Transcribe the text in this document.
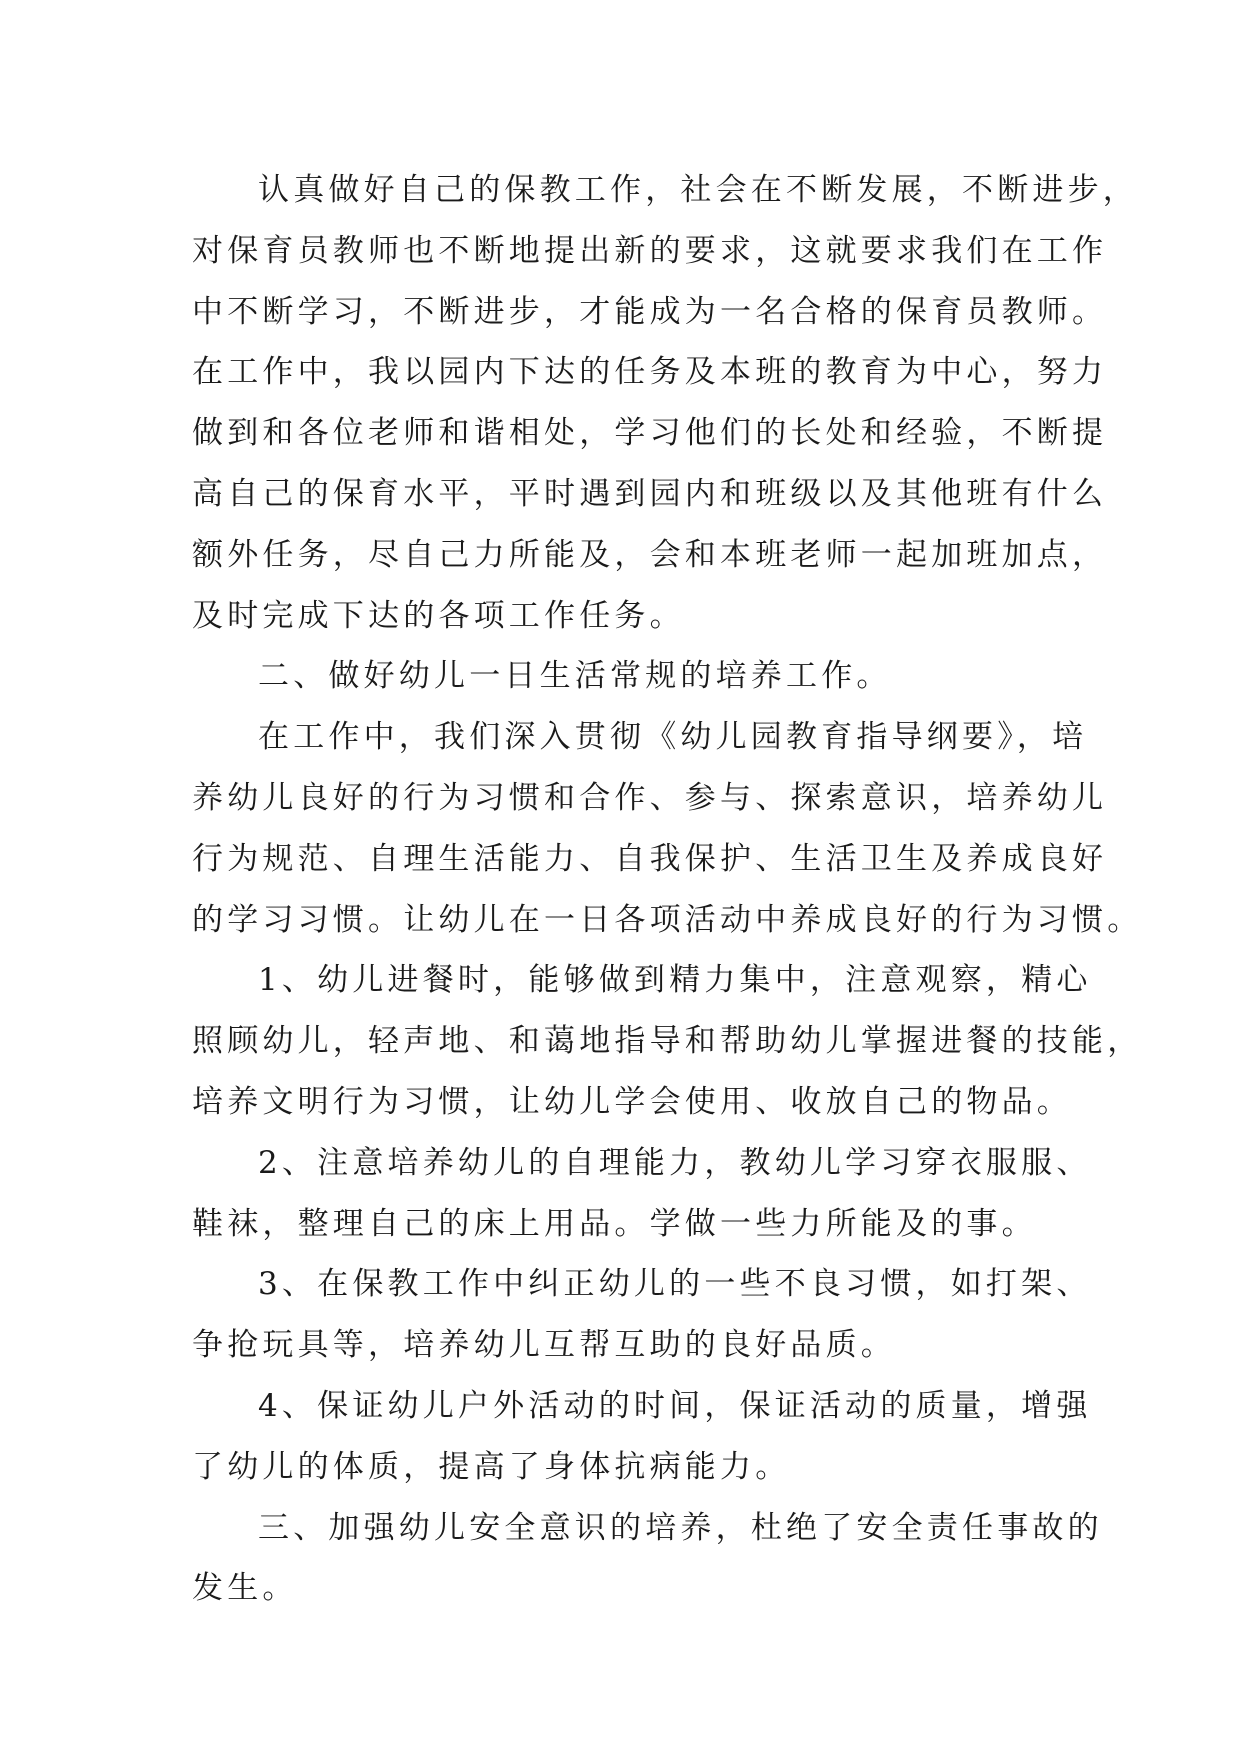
认真做好自己的保教工作，社会在不断发展，不断进步，
对保育员教师也不断地提出新的要求，这就要求我们在工作
中不断学习，不断进步，才能成为一名合格的保育员教师。
在工作中，我以园内下达的任务及本班的教育为中心，努力
做到和各位老师和谐相处，学习他们的长处和经验，不断提
高自己的保育水平，平时遇到园内和班级以及其他班有什么
额外任务，尽自己力所能及，会和本班老师一起加班加点，
及时完成下达的各项工作任务。
二、做好幼儿一日生活常规的培养工作。
在工作中，我们深入贯彻《幼儿园教育指导纲要》，培
养幼儿良好的行为习惯和合作、参与、探索意识，培养幼儿
行为规范、自理生活能力、自我保护、生活卫生及养成良好
的学习习惯。让幼儿在一日各项活动中养成良好的行为习惯。
1、幼儿进餐时，能够做到精力集中，注意观察，精心
照顾幼儿，轻声地、和蔼地指导和帮助幼儿掌握进餐的技能，
培养文明行为习惯，让幼儿学会使用、收放自己的物品。
2、注意培养幼儿的自理能力，教幼儿学习穿衣服服、
鞋袜，整理自己的床上用品。学做一些力所能及的事。
3、在保教工作中纠正幼儿的一些不良习惯，如打架、
争抢玩具等，培养幼儿互帮互助的良好品质。
4、保证幼儿户外活动的时间，保证活动的质量，增强
了幼儿的体质，提高了身体抗病能力。
三、加强幼儿安全意识的培养，杜绝了安全责任事故的
发生。
